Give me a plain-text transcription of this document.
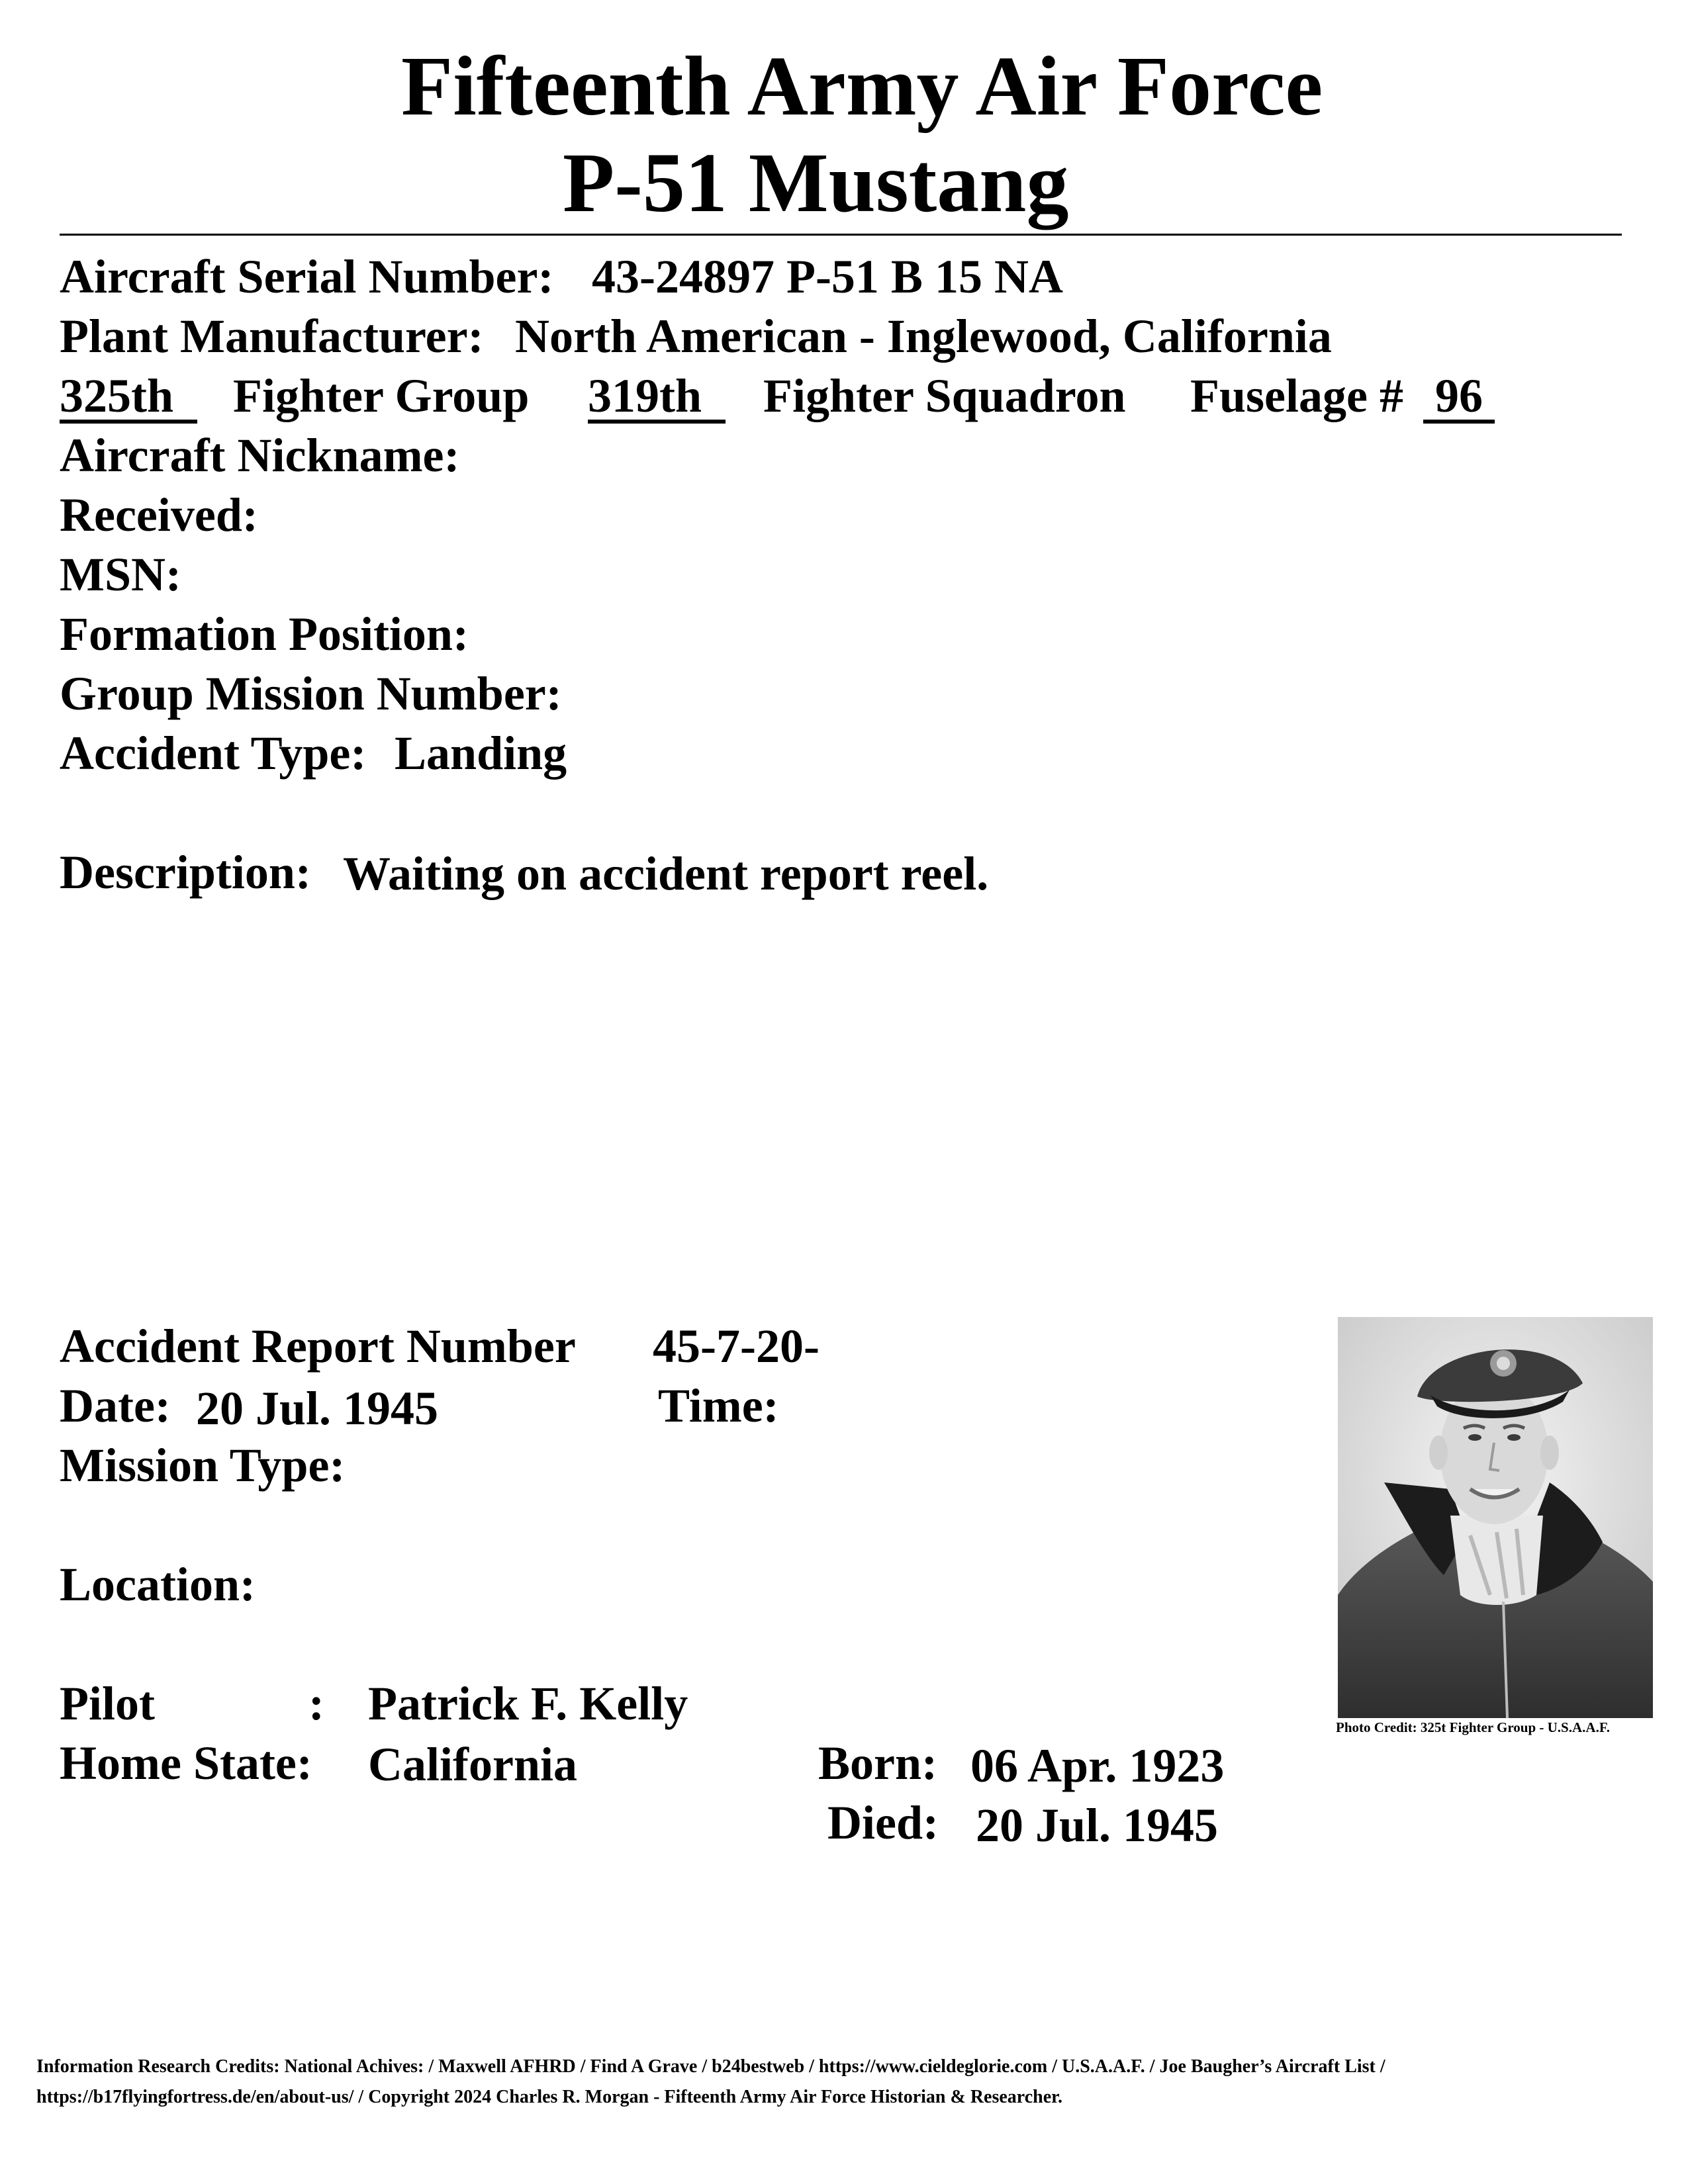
Fifteenth Army Air Force
P-51 Mustang
Aircraft Serial Number: 43-24897 P-51 B 15 NA
Plant Manufacturer: North American - Inglewood, California
325th Fighter Group 319th Fighter Squadron Fuselage # 96
Aircraft Nickname:
Received:
MSN:
Formation Position:
Group Mission Number:
Accident Type: Landing
Description: Waiting on accident report reel.
Accident Report Number 45-7-20-
Date: 20 Jul. 1945	Time:
Mission Type:
Location:
Pilot	: Patrick F. Kelly
Home State: California	Born: 06 Apr. 1923
Died: 20 Jul. 1945
Photo Credit: 325t Fighter Group - U.S.A.A.F.
Information Research Credits: National Achives: / Maxwell AFHRD / Find A Grave / b24bestweb / https://www.cieldeglorie.com / U.S.A.A.F. / Joe Baugher’s Aircraft List /
https://b17flyingfortress.de/en/about-us/ / Copyright 2024 Charles R. Morgan - Fifteenth Army Air Force Historian & Researcher.
